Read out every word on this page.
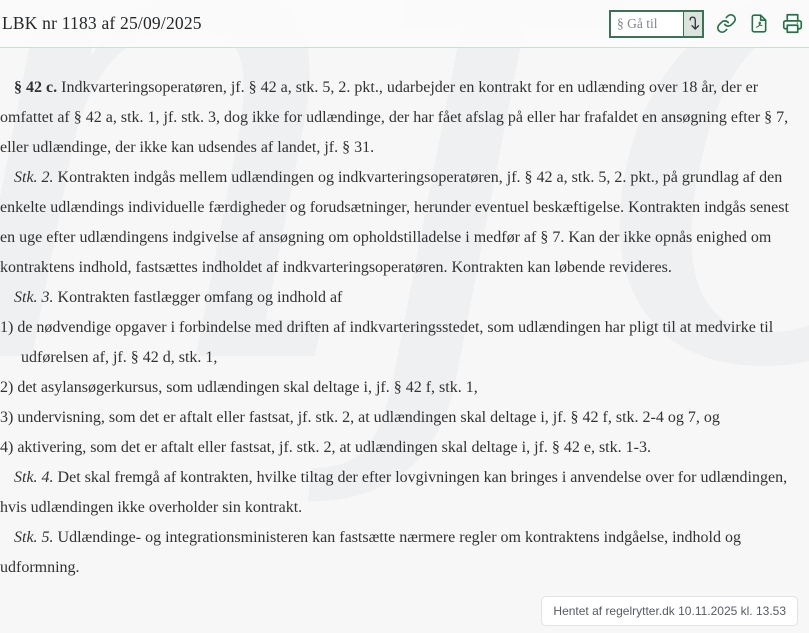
LBK nr 1183 af 25/09/2025
§ Gå til

§ 42 c. Indkvarteringsoperatøren, jf. § 42 a, stk. 5, 2. pkt., udarbejder en kontrakt for en udlænding over 18 år, der er omfattet af § 42 a, stk. 1, jf. stk. 3, dog ikke for udlændinge, der har fået afslag på eller har frafaldet en ansøgning efter § 7, eller udlændinge, der ikke kan udsendes af landet, jf. § 31.

Stk. 2. Kontrakten indgås mellem udlændingen og indkvarteringsoperatøren, jf. § 42 a, stk. 5, 2. pkt., på grundlag af den enkelte udlændings individuelle færdigheder og forudsætninger, herunder eventuel beskæftigelse. Kontrakten indgås senest en uge efter udlændingens indgivelse af ansøgning om opholdstilladelse i medfør af § 7. Kan der ikke opnås enighed om kontraktens indhold, fastsættes indholdet af indkvarteringsoperatøren. Kontrakten kan løbende revideres.

Stk. 3. Kontrakten fastlægger omfang og indhold af

1) de nødvendige opgaver i forbindelse med driften af indkvarteringsstedet, som udlændingen har pligt til at medvirke til udførelsen af, jf. § 42 d, stk. 1,

2) det asylansøgerkursus, som udlændingen skal deltage i, jf. § 42 f, stk. 1,

3) undervisning, som det er aftalt eller fastsat, jf. stk. 2, at udlændingen skal deltage i, jf. § 42 f, stk. 2-4 og 7, og

4) aktivering, som det er aftalt eller fastsat, jf. stk. 2, at udlændingen skal deltage i, jf. § 42 e, stk. 1-3.

Stk. 4. Det skal fremgå af kontrakten, hvilke tiltag der efter lovgivningen kan bringes i anvendelse over for udlændingen, hvis udlændingen ikke overholder sin kontrakt.

Stk. 5. Udlændinge- og integrationsministeren kan fastsætte nærmere regler om kontraktens indgåelse, indhold og udformning.

Hentet af regelrytter.dk 10.11.2025 kl. 13.53
